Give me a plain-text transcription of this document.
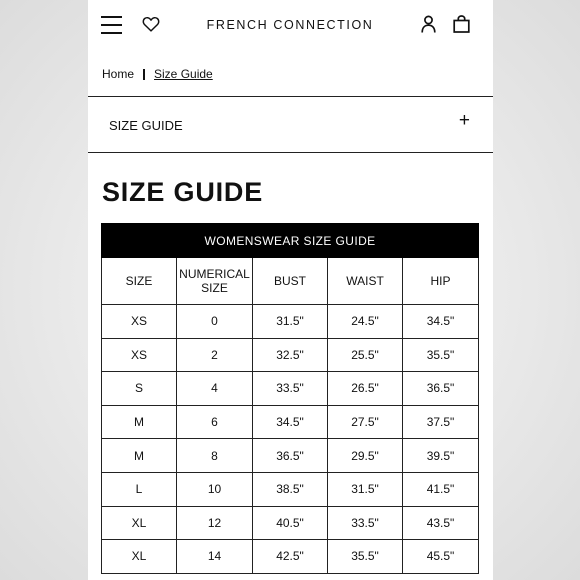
FRENCH CONNECTION
Home Size Guide
SIZE GUIDE	+
SIZE GUIDE
WOMENSWEAR SIZE GUIDE				
SIZE	NUMERICAL SIZE	BUST	WAIST	HIP
XS	0	31.5"	24.5"	34.5"
XS	2	32.5"	25.5"	35.5"
S	4	33.5"	26.5"	36.5"
M	6	34.5"	27.5"	37.5"
M	8	36.5"	29.5"	39.5"
L	10	38.5"	31.5"	41.5"
XL	12	40.5"	33.5"	43.5"
XL	14	42.5"	35.5"	45.5"
